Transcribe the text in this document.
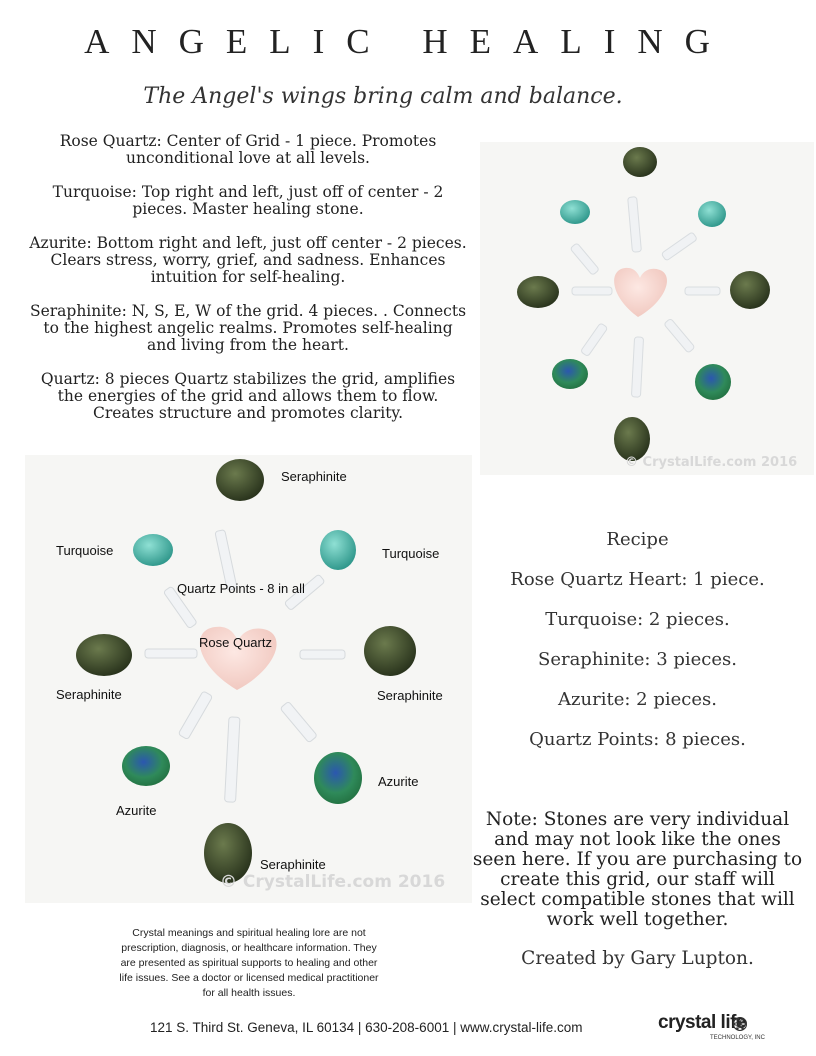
ANGELIC HEALING
The Angel's wings bring calm and balance.

Rose Quartz: Center of Grid - 1 piece. Promotes unconditional love at all levels.

Turquoise: Top right and left, just off of center - 2 pieces. Master healing stone.

Azurite: Bottom right and left, just off center - 2 pieces. Clears stress, worry, grief, and sadness. Enhances intuition for self-healing.

Seraphinite: N, S, E, W of the grid. 4 pieces. . Connects to the highest angelic realms. Promotes self-healing and living from the heart.

Quartz: 8 pieces Quartz stabilizes the grid, amplifies the energies of the grid and allows them to flow. Creates structure and promotes clarity.

© CrystalLife.com 2016
Seraphinite
Turquoise	Turquoise
Quartz Points - 8 in all
Rose Quartz
Seraphinite	Seraphinite
Azurite
Azurite
Seraphinite
© CrystalLife.com 2016
Recipe
Rose Quartz Heart: 1 piece.
Turquoise: 2 pieces.
Seraphinite: 3 pieces.
Azurite: 2 pieces.
Quartz Points: 8 pieces.
Note: Stones are very individual and may not look like the ones seen here. If you are purchasing to create this grid, our staff will select compatible stones that will work well together.
Created by Gary Lupton.
Crystal meanings and spiritual healing lore are not prescription, diagnosis, or healthcare information. They are presented as spiritual supports to healing and other life issues. See a doctor or licensed medical practitioner for all health issues.
121 S. Third St. Geneva, IL 60134 | 630-208-6001 | www.crystal-life.com	crystal life
TECHNOLOGY, INC
